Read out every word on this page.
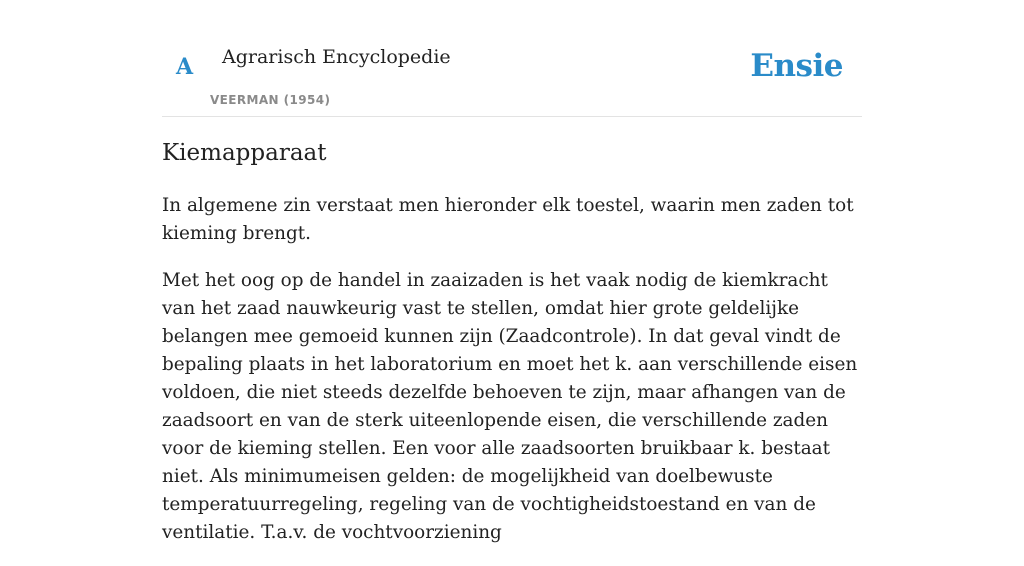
A Agrarisch Encyclopedie
VEERMAN (1954)
Ensie
Kiemapparaat

In algemene zin verstaat men hieronder elk toestel, waarin men zaden tot kieming brengt.

Met het oog op de handel in zaaizaden is het vaak nodig de kiemkracht van het zaad nauwkeurig vast te stellen, omdat hier grote geldelijke belangen mee gemoeid kunnen zijn (Zaadcontrole). In dat geval vindt de bepaling plaats in het laboratorium en moet het k. aan verschillende eisen voldoen, die niet steeds dezelfde behoeven te zijn, maar afhangen van de zaadsoort en van de sterk uiteenlopende eisen, die verschillende zaden voor de kieming stellen. Een voor alle zaadsoorten bruikbaar k. bestaat niet. Als minimumeisen gelden: de mogelijkheid van doelbewuste temperatuurregeling, regeling van de vochtigheidstoestand en van de ventilatie. T.a.v. de vochtvoorziening
